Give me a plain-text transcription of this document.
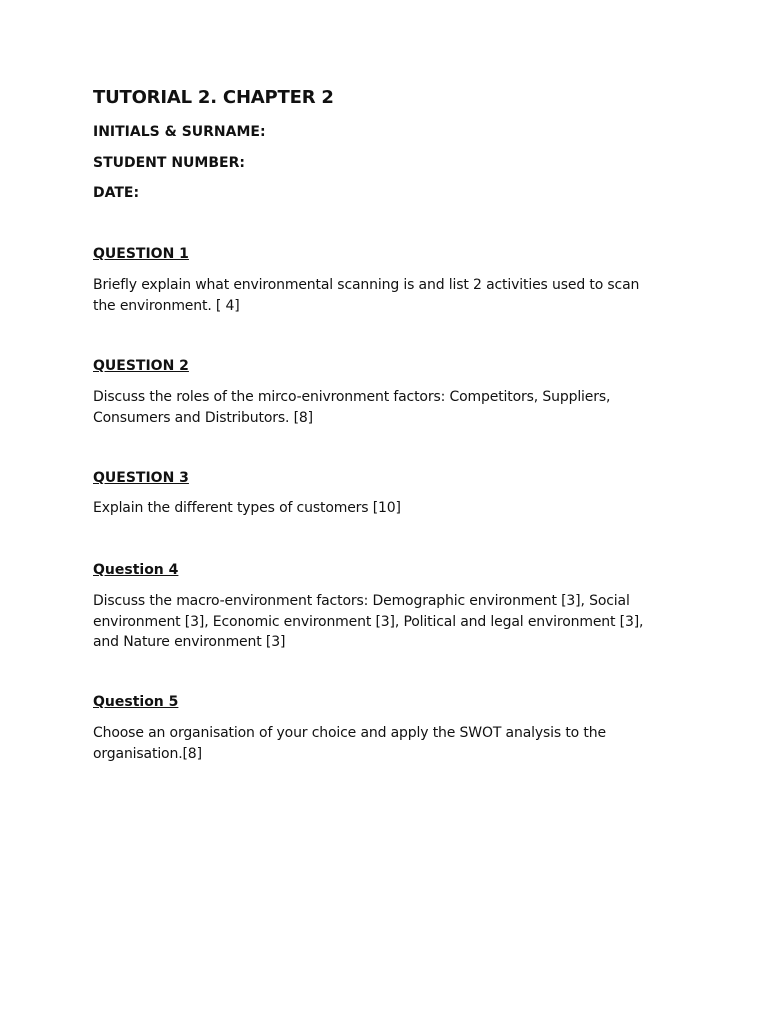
TUTORIAL 2. CHAPTER 2
INITIALS & SURNAME:
STUDENT NUMBER:
DATE:
QUESTION 1
Briefly explain what environmental scanning is and list 2 activities used to scan the environment. [ 4]
QUESTION 2
Discuss the roles of the mirco-enivronment factors: Competitors, Suppliers, Consumers and Distributors. [8]
QUESTION 3
Explain the different types of customers [10]
Question 4
Discuss the macro-environment factors: Demographic environment [3], Social environment [3], Economic environment [3], Political and legal environment [3], and Nature environment [3]
Question 5
Choose an organisation of your choice and apply the SWOT analysis to the organisation.[8]
